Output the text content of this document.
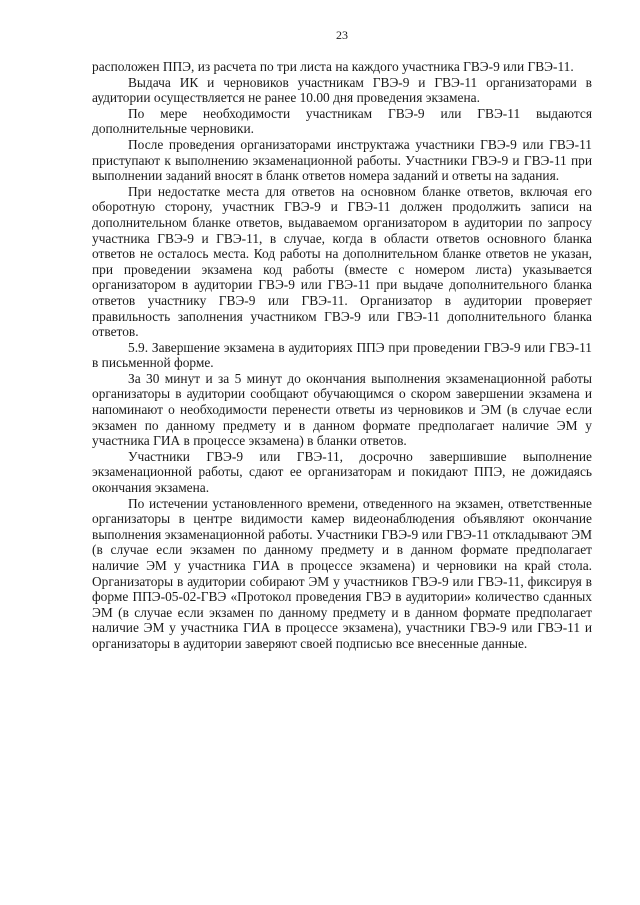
23

расположен ППЭ, из расчета по три листа на каждого участника ГВЭ-9 или ГВЭ-11.

Выдача ИК и черновиков участникам ГВЭ-9 и ГВЭ-11 организаторами в аудитории осуществляется не ранее 10.00 дня проведения экзамена.

По мере необходимости участникам ГВЭ-9 или ГВЭ-11 выдаются дополнительные черновики.

После проведения организаторами инструктажа участники ГВЭ-9 или ГВЭ-11 приступают к выполнению экзаменационной работы. Участники ГВЭ-9 и ГВЭ-11 при выполнении заданий вносят в бланк ответов номера заданий и ответы на задания.

При недостатке места для ответов на основном бланке ответов, включая его оборотную сторону, участник ГВЭ-9 и ГВЭ-11 должен продолжить записи на дополнительном бланке ответов, выдаваемом организатором в аудитории по запросу участника ГВЭ-9 и ГВЭ-11, в случае, когда в области ответов основного бланка ответов не осталось места. Код работы на дополнительном бланке ответов не указан, при проведении экзамена код работы (вместе с номером листа) указывается организатором в аудитории ГВЭ-9 или ГВЭ-11 при выдаче дополнительного бланка ответов участнику ГВЭ-9 или ГВЭ-11. Организатор в аудитории проверяет правильность заполнения участником ГВЭ-9 или ГВЭ-11 дополнительного бланка ответов.

5.9. Завершение экзамена в аудиториях ППЭ при проведении ГВЭ-9 или ГВЭ-11 в письменной форме.

За 30 минут и за 5 минут до окончания выполнения экзаменационной работы организаторы в аудитории сообщают обучающимся о скором завершении экзамена и напоминают о необходимости перенести ответы из черновиков и ЭМ (в случае если экзамен по данному предмету и в данном формате предполагает наличие ЭМ у участника ГИА в процессе экзамена) в бланки ответов.

Участники ГВЭ-9 или ГВЭ-11, досрочно завершившие выполнение экзаменационной работы, сдают ее организаторам и покидают ППЭ, не дожидаясь окончания экзамена.

По истечении установленного времени, отведенного на экзамен, ответственные организаторы в центре видимости камер видеонаблюдения объявляют окончание выполнения экзаменационной работы. Участники ГВЭ-9 или ГВЭ-11 откладывают ЭМ (в случае если экзамен по данному предмету и в данном формате предполагает наличие ЭМ у участника ГИА в процессе экзамена) и черновики на край стола. Организаторы в аудитории собирают ЭМ у участников ГВЭ-9 или ГВЭ-11, фиксируя в форме ППЭ-05-02-ГВЭ «Протокол проведения ГВЭ в аудитории» количество сданных ЭМ (в случае если экзамен по данному предмету и в данном формате предполагает наличие ЭМ у участника ГИА в процессе экзамена), участники ГВЭ-9 или ГВЭ-11 и организаторы в аудитории заверяют своей подписью все внесенные данные.
